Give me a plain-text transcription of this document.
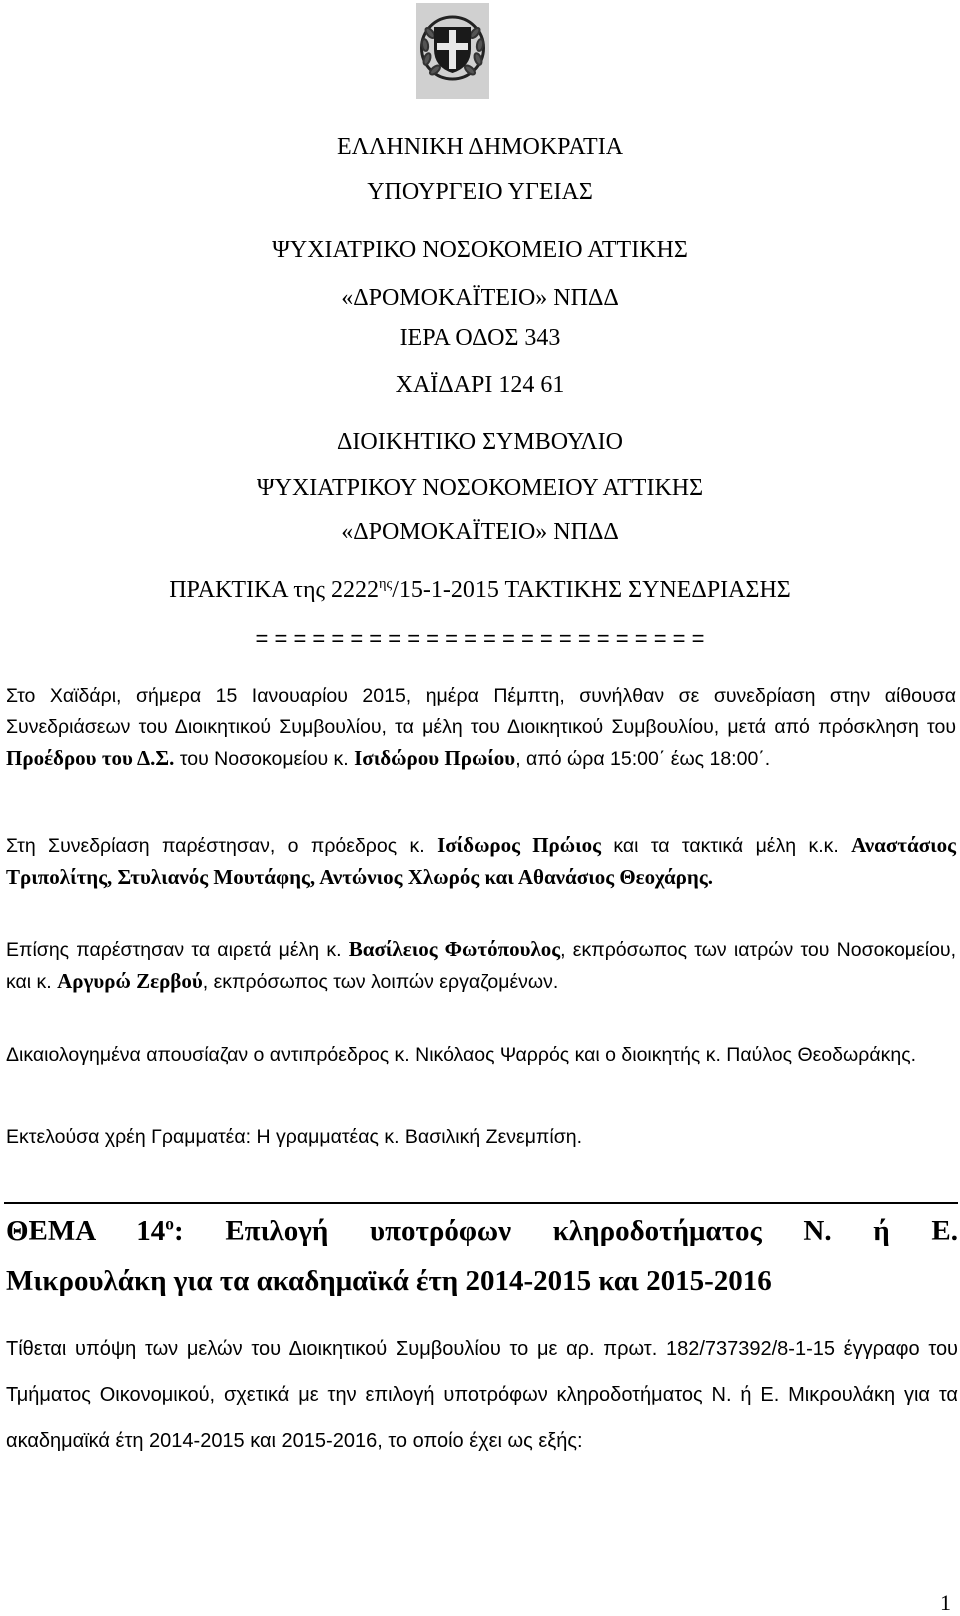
ΕΛΛΗΝΙΚΗ ΔΗΜΟΚΡΑΤΙΑ
ΥΠΟΥΡΓΕΙΟ ΥΓΕΙΑΣ
ΨΥΧΙΑΤΡΙΚΟ ΝΟΣΟΚΟΜΕΙΟ ΑΤΤΙΚΗΣ
«ΔΡΟΜΟΚΑΪΤΕΙΟ» ΝΠΔΔ
ΙΕΡΑ ΟΔΟΣ 343
ΧΑΪΔΑΡΙ 124 61
ΔΙΟΙΚΗΤΙΚΟ ΣΥΜΒΟΥΛΙΟ
ΨΥΧΙΑΤΡΙΚΟΥ ΝΟΣΟΚΟΜΕΙΟΥ ΑΤΤΙΚΗΣ
«ΔΡΟΜΟΚΑΪΤΕΙΟ» ΝΠΔΔ
ΠΡΑΚΤΙΚΑ της $2222^{\eta\varsigma}/15-1-2015$ ΤΑΚΤΙΚΗΣ ΣΥΝΕΔΡΙΑΣΗΣ
= = = = = = = = = = = = = = = = = = = = = = = =
Στο Χαϊδάρι, σήμερα 15 Ιανουαρίου 2015, ημέρα Πέμπτη, συνήλθαν σε συνεδρίαση στην αίθουσα Συνεδριάσεων του Διοικητικού Συμβουλίου, τα μέλη του Διοικητικού Συμβουλίου, μετά από πρόσκληση του Προέδρου του Δ.Σ. του Νοσοκομείου κ. Ισιδώρου Πρωίου, από ώρα 15:00΄ έως 18:00΄.
Στη Συνεδρίαση παρέστησαν, ο πρόεδρος κ. Ισίδωρος Πρώιος και τα τακτικά μέλη κ.κ. Αναστάσιος Τριπολίτης, Στυλιανός Μουτάφης, Αντώνιος Χλωρός και Αθανάσιος Θεοχάρης.
Επίσης παρέστησαν τα αιρετά μέλη κ. Βασίλειος Φωτόπουλος, εκπρόσωπος των ιατρών του Νοσοκομείου, και κ. Αργυρώ Ζερβού, εκπρόσωπος των λοιπών εργαζομένων.
Δικαιολογημένα απουσίαζαν ο αντιπρόεδρος κ. Νικόλαος Ψαρρός και ο διοικητής κ. Παύλος Θεοδωράκης.
Εκτελούσα χρέη Γραμματέα: Η γραμματέας κ. Βασιλική Ζενεμπίση.
ΘΕΜΑ $14^o$: Επιλογή υποτρόφων κληροδοτήματος Ν. ή Ε.
Μικρουλάκη για τα ακαδημαϊκά έτη 2014-2015 και 2015-2016
Τίθεται υπόψη των μελών του Διοικητικού Συμβουλίου το με αρ. πρωτ. 182/737392/8-1-15 έγγραφο του Τμήματος Οικονομικού, σχετικά με την επιλογή υποτρόφων κληροδοτήματος Ν. ή Ε. Μικρουλάκη για τα ακαδημαϊκά έτη 2014-2015 και 2015-2016, το οποίο έχει ως εξής:
1
